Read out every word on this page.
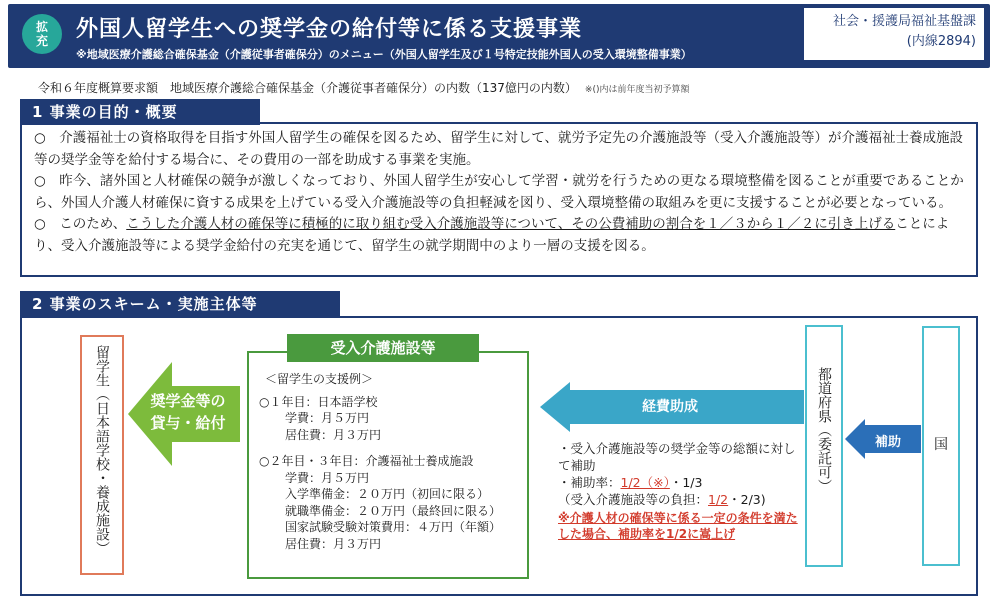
拡
充	外国人留学生への奨学金の給付等に係る支援事業
※地域医療介護総合確保基金（介護従事者確保分）のメニュー（外国人留学生及び１号特定技能外国人の受入環境整備事業）
社会・援護局福祉基盤課
(内線2894)
令和６年度概算要求額　地域医療介護総合確保基金（介護従事者確保分）の内数（137億円の内数） ※()内は前年度当初予算額
1 事業の目的・概要
○　介護福祉士の資格取得を目指す外国人留学生の確保を図るため、留学生に対して、就労予定先の介護施設等（受入介護施設等）が介護福祉士養成施設等の奨学金等を給付する場合に、その費用の一部を助成する事業を実施。
○　昨今、諸外国と人材確保の競争が激しくなっており、外国人留学生が安心して学習・就労を行うための更なる環境整備を図ることが重要であることから、外国人介護人材確保に資する成果を上げている受入介護施設等の負担軽減を図り、受入環境整備の取組みを更に支援することが必要となっている。
○　このため、こうした介護人材の確保等に積極的に取り組む受入介護施設等について、その公費補助の割合を１／３から１／２に引き上げることにより、受入介護施設等による奨学金給付の充実を通じて、留学生の就学期間中のより一層の支援を図る。
2 事業のスキーム・実施主体等
留学生（日本語学校・養成施設）	奨学金等の貸与・給付
＜留学生の支援例＞
○１年目：日本語学校
学費：月５万円
居住費：月３万円
○２年目・３年目：介護福祉士養成施設
学費：月５万円
入学準備金：２０万円（初回に限る）
就職準備金：２０万円（最終回に限る）
国家試験受験対策費用：４万円（年額）
居住費：月３万円
受入介護施設等
経費助成
・受入介護施設等の奨学金等の総額に対して補助
・補助率：1/2（※）・1/3
（受入介護施設等の負担：1/2・2/3)
※介護人材の確保等に係る一定の条件を満たした場合、補助率を1/2に嵩上げ
都道府県（委託可）	補助	国
